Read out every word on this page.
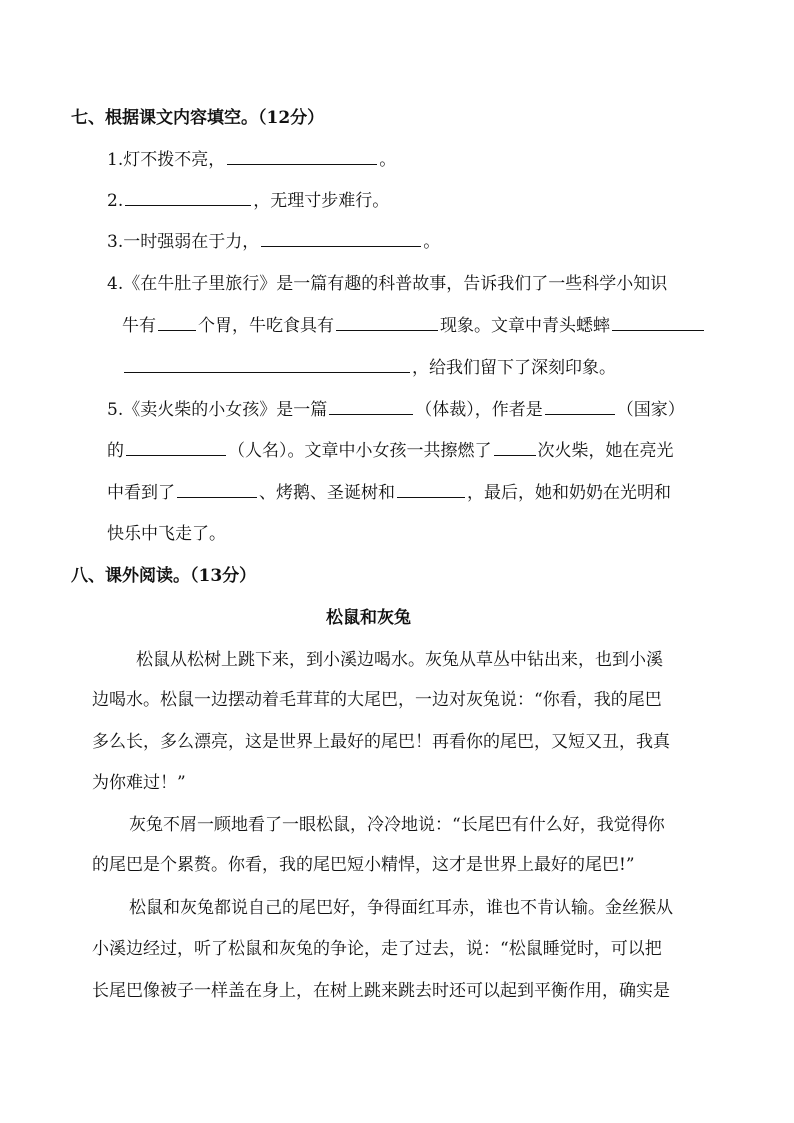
七、根据课文内容填空。（12分）
1.灯不拨不亮，	。
2.	，无理寸步难行。
3.一时强弱在于力，	。
4.《在牛肚子里旅行》是一篇有趣的科普故事，告诉我们了一些科学小知识
牛有 个胃，牛吃食具有	现象。文章中青头蟋蟀
，给我们留下了深刻印象。
5.《卖火柴的小女孩》是一篇	（体裁），作者是	（国家）
的	（人名）。文章中小女孩一共擦燃了	次火柴，她在亮光
中看到了	、烤鹅、圣诞树和	，最后，她和奶奶在光明和
快乐中飞走了。
八、课外阅读。（13分）
松鼠和灰兔
松鼠从松树上跳下来，到小溪边喝水。灰兔从草丛中钻出来，也到小溪
边喝水。松鼠一边摆动着毛茸茸的大尾巴，一边对灰兔说：“你看，我的尾巴
多么长，多么漂亮，这是世界上最好的尾巴！再看你的尾巴，又短又丑，我真
为你难过！”
灰兔不屑一顾地看了一眼松鼠，冷冷地说：“长尾巴有什么好，我觉得你
的尾巴是个累赘。你看，我的尾巴短小精悍，这才是世界上最好的尾巴!”
松鼠和灰兔都说自己的尾巴好，争得面红耳赤，谁也不肯认输。金丝猴从
小溪边经过，听了松鼠和灰兔的争论，走了过去，说：“松鼠睡觉时，可以把
长尾巴像被子一样盖在身上，在树上跳来跳去时还可以起到平衡作用，确实是
